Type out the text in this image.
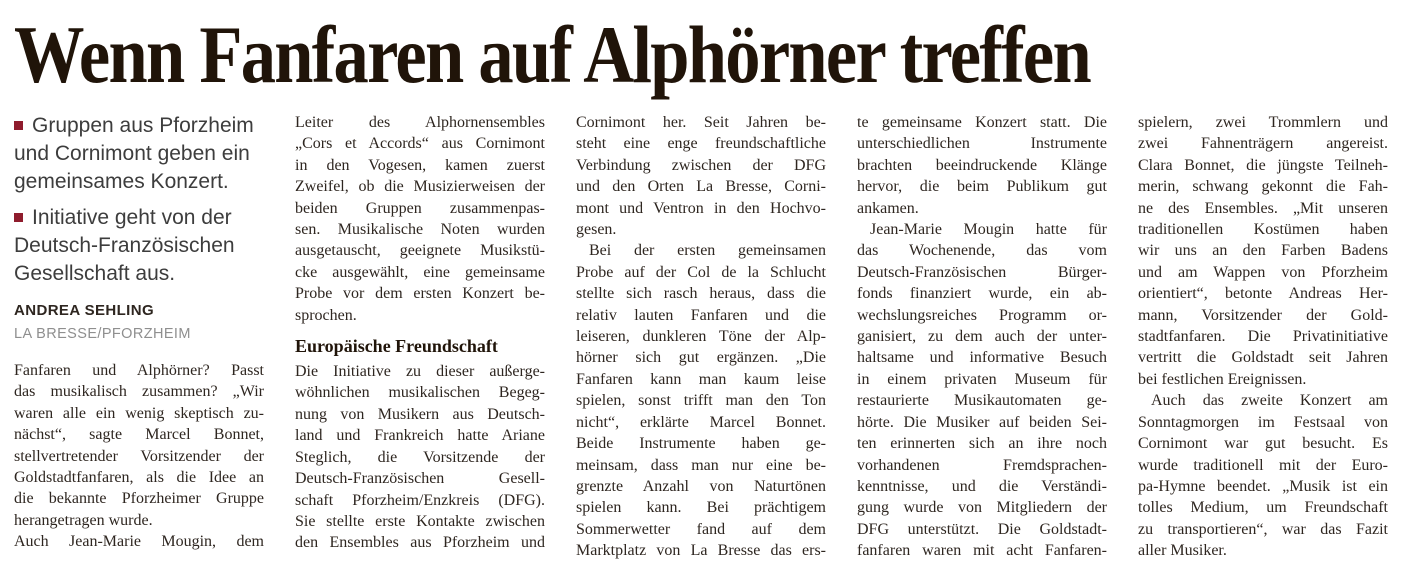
Wenn Fanfaren auf Alphörner treffen
Gruppen aus Pforzheim und Cornimont geben ein gemeinsames Konzert.
Initiative geht von der Deutsch-Französischen Gesellschaft aus.
ANDREA SEHLING
LA BRESSE/PFORZHEIM
Fanfaren und Alphörner? Passt
das musikalisch zusammen? „Wir
waren alle ein wenig skeptisch zu-
nächst“, sagte Marcel Bonnet,
stellvertretender Vorsitzender der
Goldstadtfanfaren, als die Idee an
die bekannte Pforzheimer Gruppe
herangetragen wurde.
Auch Jean-Marie Mougin, dem
Leiter des Alphornensembles
„Cors et Accords“ aus Cornimont
in den Vogesen, kamen zuerst
Zweifel, ob die Musizierweisen der
beiden Gruppen zusammenpas-
sen. Musikalische Noten wurden
ausgetauscht, geeignete Musikstü-
cke ausgewählt, eine gemeinsame
Probe vor dem ersten Konzert be-
sprochen.
Europäische Freundschaft
Die Initiative zu dieser außerge-
wöhnlichen musikalischen Begeg-
nung von Musikern aus Deutsch-
land und Frankreich hatte Ariane
Steglich, die Vorsitzende der
Deutsch-Französischen Gesell-
schaft Pforzheim/Enzkreis (DFG).
Sie stellte erste Kontakte zwischen
den Ensembles aus Pforzheim und
Cornimont her. Seit Jahren be-
steht eine enge freundschaftliche
Verbindung zwischen der DFG
und den Orten La Bresse, Corni-
mont und Ventron in den Hochvo-
gesen.
Bei der ersten gemeinsamen
Probe auf der Col de la Schlucht
stellte sich rasch heraus, dass die
relativ lauten Fanfaren und die
leiseren, dunkleren Töne der Alp-
hörner sich gut ergänzen. „Die
Fanfaren kann man kaum leise
spielen, sonst trifft man den Ton
nicht“, erklärte Marcel Bonnet.
Beide Instrumente haben ge-
meinsam, dass man nur eine be-
grenzte Anzahl von Naturtönen
spielen kann. Bei prächtigem
Sommerwetter fand auf dem
Marktplatz von La Bresse das ers-
te gemeinsame Konzert statt. Die
unterschiedlichen Instrumente
brachten beeindruckende Klänge
hervor, die beim Publikum gut
ankamen.
Jean-Marie Mougin hatte für
das Wochenende, das vom
Deutsch-Französischen Bürger-
fonds finanziert wurde, ein ab-
wechslungsreiches Programm or-
ganisiert, zu dem auch der unter-
haltsame und informative Besuch
in einem privaten Museum für
restaurierte Musikautomaten ge-
hörte. Die Musiker auf beiden Sei-
ten erinnerten sich an ihre noch
vorhandenen Fremdsprachen-
kenntnisse, und die Verständi-
gung wurde von Mitgliedern der
DFG unterstützt. Die Goldstadt-
fanfaren waren mit acht Fanfaren-
spielern, zwei Trommlern und
zwei Fahnenträgern angereist.
Clara Bonnet, die jüngste Teilneh-
merin, schwang gekonnt die Fah-
ne des Ensembles. „Mit unseren
traditionellen Kostümen haben
wir uns an den Farben Badens
und am Wappen von Pforzheim
orientiert“, betonte Andreas Her-
mann, Vorsitzender der Gold-
stadtfanfaren. Die Privatinitiative
vertritt die Goldstadt seit Jahren
bei festlichen Ereignissen.
Auch das zweite Konzert am
Sonntagmorgen im Festsaal von
Cornimont war gut besucht. Es
wurde traditionell mit der Euro-
pa-Hymne beendet. „Musik ist ein
tolles Medium, um Freundschaft
zu transportieren“, war das Fazit
aller Musiker.
